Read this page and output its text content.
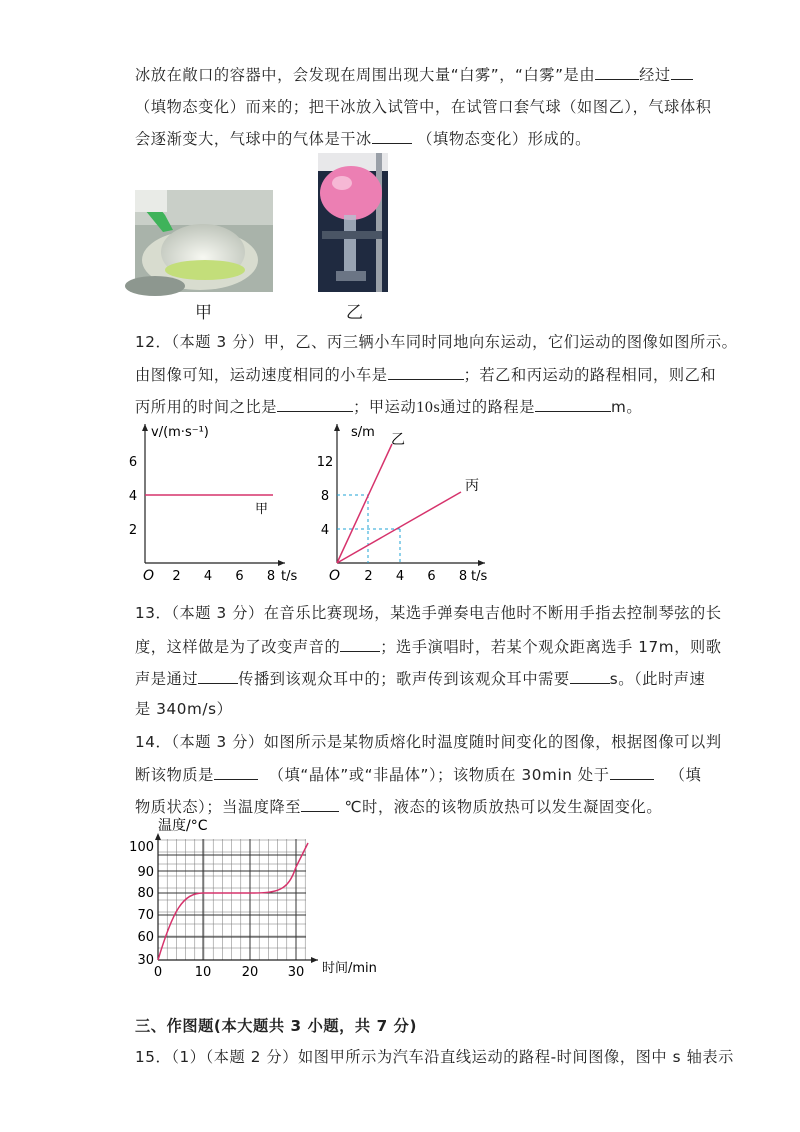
冰放在敞口的容器中，会发现在周围出现大量“白雾”，“白雾”是由	经过
（填物态变化）而来的；把干冰放入试管中，在试管口套气球（如图乙），气球体积
会逐渐变大，气球中的气体是干冰	（填物态变化）形成的。
甲	乙
12．（本题 3 分）甲，乙、丙三辆小车同时同地向东运动，它们运动的图像如图所示。
由图像可知，运动速度相同的小车是	；若乙和丙运动的路程相同，则乙和
丙所用的时间之比是	；甲运动10s通过的路程是	m。
v/(m·s⁻¹)
O	t/s
6
4
2
2 4 6 8
甲
s/m
O	t/s
12
8
4
2 4 6 8
乙
丙
13．（本题 3 分）在音乐比赛现场，某选手弹奏电吉他时不断用手指去控制琴弦的长
度，这样做是为了改变声音的	；选手演唱时，若某个观众距离选手 17m，则歌
声是通过	传播到该观众耳中的；歌声传到该观众耳中需要	s。（此时声速
是 340m/s）
14．（本题 3 分）如图所示是某物质熔化时温度随时间变化的图像，根据图像可以判
断该物质是	（填“晶体”或“非晶体”）；该物质在 30min 处于	（填
物质状态）；当温度降至	℃时，液态的该物质放热可以发生凝固变化。
温度/°C
100
90
80
70
60
30
0	10 20 30 时间/min
三、作图题(本大题共 3 小题，共 7 分)
15．（1）（本题 2 分）如图甲所示为汽车沿直线运动的路程-时间图像，图中 s 轴表示
